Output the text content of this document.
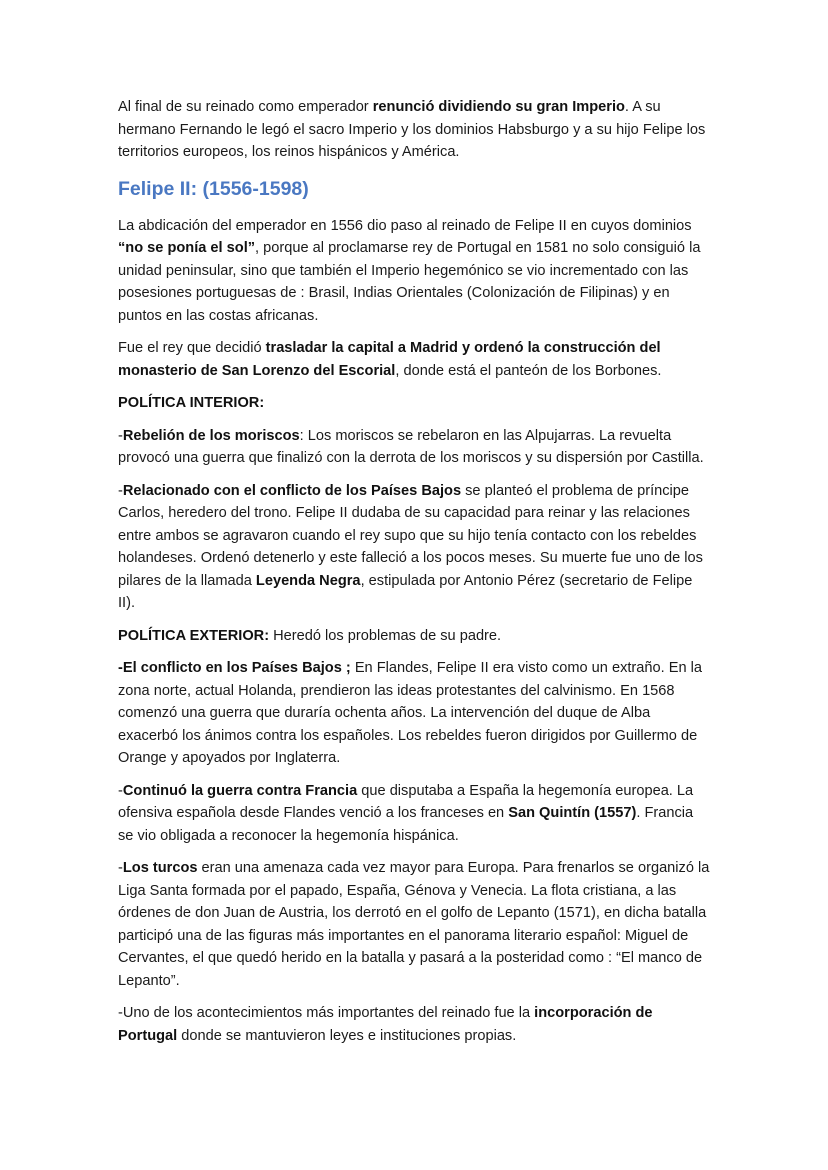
Al final de su reinado como emperador renunció dividiendo su gran Imperio. A su hermano Fernando le legó el sacro Imperio y los dominios Habsburgo y a su hijo Felipe los territorios europeos, los reinos hispánicos y América.

Felipe II: (1556-1598)

La abdicación del emperador en 1556 dio paso al reinado de Felipe II en cuyos dominios “no se ponía el sol”, porque al proclamarse rey de Portugal en 1581 no solo consiguió la unidad peninsular, sino que también el Imperio hegemónico se vio incrementado con las posesiones portuguesas de : Brasil, Indias Orientales (Colonización de Filipinas) y en puntos en las costas africanas.

Fue el rey que decidió trasladar la capital a Madrid y ordenó la construcción del monasterio de San Lorenzo del Escorial, donde está el panteón de los Borbones.

POLÍTICA INTERIOR:

-Rebelión de los moriscos: Los moriscos se rebelaron en las Alpujarras. La revuelta provocó una guerra que finalizó con la derrota de los moriscos y su dispersión por Castilla.

-Relacionado con el conflicto de los Países Bajos se planteó el problema de príncipe Carlos, heredero del trono. Felipe II dudaba de su capacidad para reinar y las relaciones entre ambos se agravaron cuando el rey supo que su hijo tenía contacto con los rebeldes holandeses. Ordenó detenerlo y este falleció a los pocos meses. Su muerte fue uno de los pilares de la llamada Leyenda Negra, estipulada por Antonio Pérez (secretario de Felipe II).

POLÍTICA EXTERIOR: Heredó los problemas de su padre.

-El conflicto en los Países Bajos ; En Flandes, Felipe II era visto como un extraño. En la zona norte, actual Holanda, prendieron las ideas protestantes del calvinismo. En 1568 comenzó una guerra que duraría ochenta años. La intervención del duque de Alba exacerbó los ánimos contra los españoles. Los rebeldes fueron dirigidos por Guillermo de Orange y apoyados por Inglaterra.

-Continuó la guerra contra Francia que disputaba a España la hegemonía europea. La ofensiva española desde Flandes venció a los franceses en San Quintín (1557). Francia se vio obligada a reconocer la hegemonía hispánica.

-Los turcos eran una amenaza cada vez mayor para Europa. Para frenarlos se organizó la Liga Santa formada por el papado, España, Génova y Venecia. La flota cristiana, a las órdenes de don Juan de Austria, los derrotó en el golfo de Lepanto (1571), en dicha batalla participó una de las figuras más importantes en el panorama literario español: Miguel de Cervantes, el que quedó herido en la batalla y pasará a la posteridad como : “El manco de Lepanto”.

-Uno de los acontecimientos más importantes del reinado fue la incorporación de Portugal donde se mantuvieron leyes e instituciones propias.
